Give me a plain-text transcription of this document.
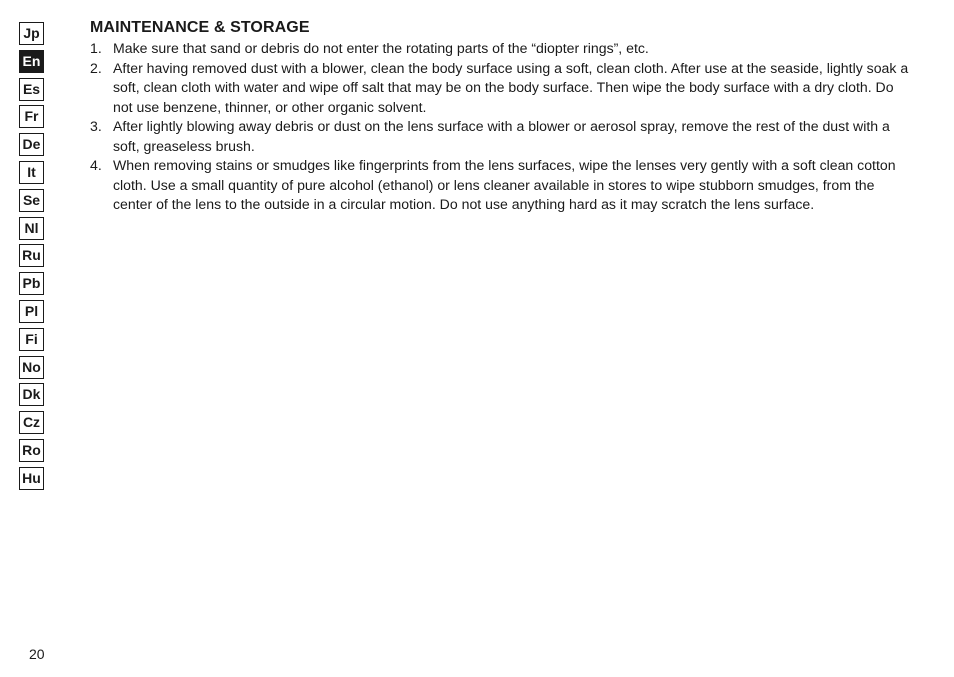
Jp
En
Es
Fr
De
It
Se
Nl
Ru
Pb
Pl
Fi
No
Dk
Cz
Ro
Hu
MAINTENANCE & STORAGE
1. Make sure that sand or debris do not enter the rotating parts of the “diopter rings”, etc.
2. After having removed dust with a blower, clean the body surface using a soft, clean cloth. After use at the seaside, lightly soak a soft, clean cloth with water and wipe off salt that may be on the body surface. Then wipe the body surface with a dry cloth. Do not use benzene, thinner, or other organic solvent.
3. After lightly blowing away debris or dust on the lens surface with a blower or aerosol spray, remove the rest of the dust with a soft, greaseless brush.
4. When removing stains or smudges like fingerprints from the lens surfaces, wipe the lenses very gently with a soft clean cotton cloth. Use a small quantity of pure alcohol (ethanol) or lens cleaner available in stores to wipe stubborn smudges, from the center of the lens to the outside in a circular motion. Do not use anything hard as it may scratch the lens surface.
20
